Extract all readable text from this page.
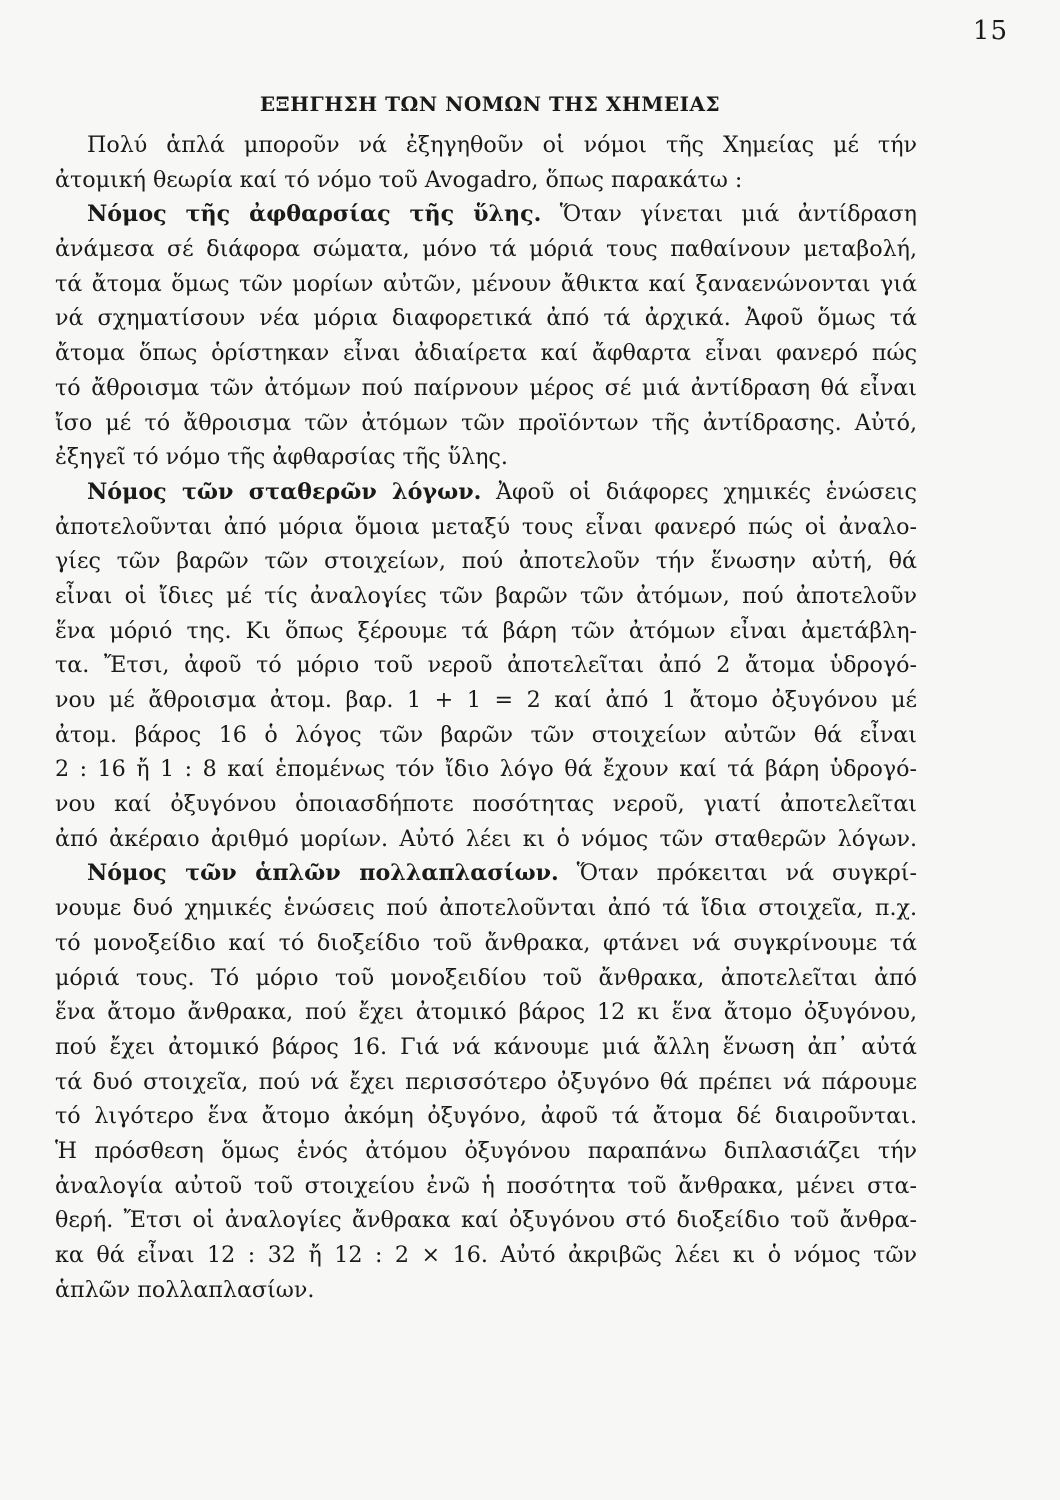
15
ΕΞΗΓΗΣΗ ΤΩΝ ΝΟΜΩΝ ΤΗΣ ΧΗΜΕΙΑΣ
Πολύ ἁπλά μποροῦν νά ἐξηγηθοῦν οἱ νόμοι τῆς Χημείας μέ τήν
ἀτομική θεωρία καί τό νόμο τοῦ Avogadro, ὅπως παρακάτω :
Νόμος τῆς ἀφθαρσίας τῆς ὕλης. Ὅταν γίνεται μιά ἀντίδραση
ἀνάμεσα σέ διάφορα σώματα, μόνο τά μόριά τους παθαίνουν μεταβολή,
τά ἄτομα ὅμως τῶν μορίων αὐτῶν, μένουν ἄθικτα καί ξαναενώνονται γιά
νά σχηματίσουν νέα μόρια διαφορετικά ἀπό τά ἀρχικά. Ἀφοῦ ὅμως τά
ἄτομα ὅπως ὁρίστηκαν εἶναι ἀδιαίρετα καί ἄφθαρτα εἶναι φανερό πώς
τό ἄθροισμα τῶν ἀτόμων πού παίρνουν μέρος σέ μιά ἀντίδραση θά εἶναι
ἴσο μέ τό ἄθροισμα τῶν ἀτόμων τῶν προϊόντων τῆς ἀντίδρασης. Αὐτό,
ἐξηγεῖ τό νόμο τῆς ἀφθαρσίας τῆς ὕλης.
Νόμος τῶν σταθερῶν λόγων. Ἀφοῦ οἱ διάφορες χημικές ἑνώσεις
ἀποτελοῦνται ἀπό μόρια ὅμοια μεταξύ τους εἶναι φανερό πώς οἱ ἀναλο-
γίες τῶν βαρῶν τῶν στοιχείων, πού ἀποτελοῦν τήν ἕνωσην αὐτή, θά
εἶναι οἱ ἴδιες μέ τίς ἀναλογίες τῶν βαρῶν τῶν ἀτόμων, πού ἀποτελοῦν
ἕνα μόριό της. Κι ὅπως ξέρουμε τά βάρη τῶν ἀτόμων εἶναι ἀμετάβλη-
τα. Ἔτσι, ἀφοῦ τό μόριο τοῦ νεροῦ ἀποτελεῖται ἀπό 2 ἄτομα ὑδρογό-
νου μέ ἄθροισμα ἀτομ. βαρ. 1 + 1 = 2 καί ἀπό 1 ἄτομο ὀξυγόνου μέ
ἀτομ. βάρος 16 ὁ λόγος τῶν βαρῶν τῶν στοιχείων αὐτῶν θά εἶναι
2 : 16 ἤ 1 : 8 καί ἑπομένως τόν ἴδιο λόγο θά ἔχουν καί τά βάρη ὑδρογό-
νου καί ὀξυγόνου ὁποιασδήποτε ποσότητας νεροῦ, γιατί ἀποτελεῖται
ἀπό ἀκέραιο ἀριθμό μορίων. Αὐτό λέει κι ὁ νόμος τῶν σταθερῶν λόγων.
Νόμος τῶν ἁπλῶν πολλαπλασίων. Ὅταν πρόκειται νά συγκρί-
νουμε δυό χημικές ἑνώσεις πού ἀποτελοῦνται ἀπό τά ἴδια στοιχεῖα, π.χ.
τό μονοξείδιο καί τό διοξείδιο τοῦ ἄνθρακα, φτάνει νά συγκρίνουμε τά
μόριά τους. Τό μόριο τοῦ μονοξειδίου τοῦ ἄνθρακα, ἀποτελεῖται ἀπό
ἕνα ἄτομο ἄνθρακα, πού ἔχει ἀτομικό βάρος 12 κι ἕνα ἄτομο ὀξυγόνου,
πού ἔχει ἀτομικό βάρος 16. Γιά νά κάνουμε μιά ἄλλη ἕνωση ἀπ᾽ αὐτά
τά δυό στοιχεῖα, πού νά ἔχει περισσότερο ὀξυγόνο θά πρέπει νά πάρουμε
τό λιγότερο ἕνα ἄτομο ἀκόμη ὀξυγόνο, ἀφοῦ τά ἄτομα δέ διαιροῦνται.
Ἡ πρόσθεση ὅμως ἑνός ἀτόμου ὀξυγόνου παραπάνω διπλασιάζει τήν
ἀναλογία αὐτοῦ τοῦ στοιχείου ἐνῶ ἡ ποσότητα τοῦ ἄνθρακα, μένει στα-
θερή. Ἔτσι οἱ ἀναλογίες ἄνθρακα καί ὀξυγόνου στό διοξείδιο τοῦ ἄνθρα-
κα θά εἶναι 12 : 32 ἤ 12 : 2 × 16. Αὐτό ἀκριβῶς λέει κι ὁ νόμος τῶν
ἁπλῶν πολλαπλασίων.
